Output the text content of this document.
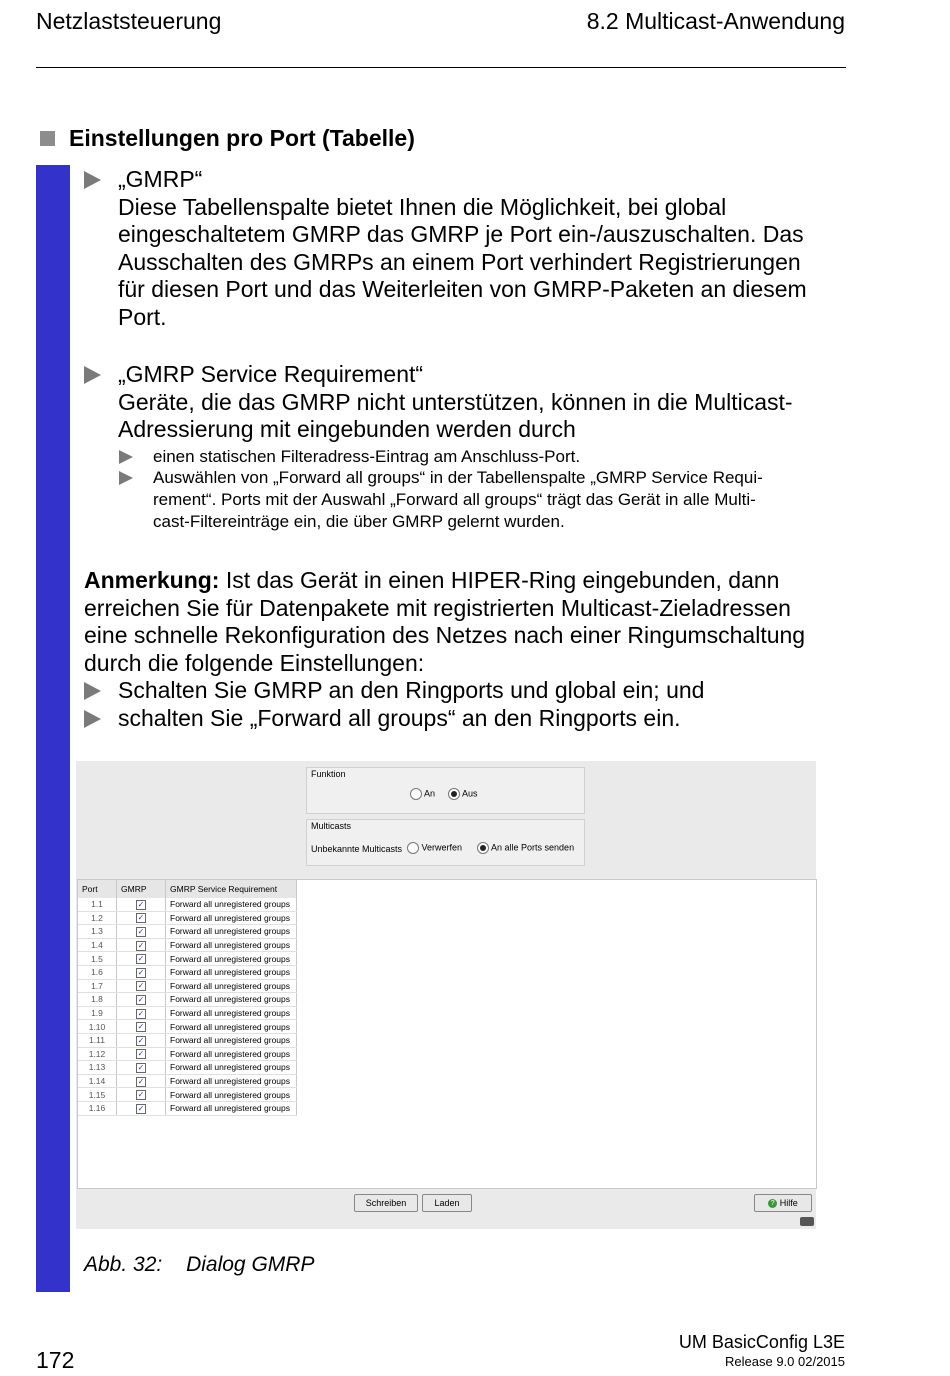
Netzlaststeuerung	8.2 Multicast-Anwendung
Einstellungen pro Port (Tabelle)
„GMRP“
Diese Tabellenspalte bietet Ihnen die Möglichkeit, bei global
eingeschaltetem GMRP das GMRP je Port ein-/auszuschalten. Das
Ausschalten des GMRPs an einem Port verhindert Registrierungen
für diesen Port und das Weiterleiten von GMRP-Paketen an diesem
Port.
„GMRP Service Requirement“
Geräte, die das GMRP nicht unterstützen, können in die Multicast-
Adressierung mit eingebunden werden durch
einen statischen Filteradress-Eintrag am Anschluss-Port.
Auswählen von „Forward all groups“ in der Tabellenspalte „GMRP Service Requi-
rement“. Ports mit der Auswahl „Forward all groups“ trägt das Gerät in alle Multi-
cast-Filtereinträge ein, die über GMRP gelernt wurden.
Anmerkung: Ist das Gerät in einen HIPER-Ring eingebunden, dann
erreichen Sie für Datenpakete mit registrierten Multicast-Zieladressen
eine schnelle Rekonfiguration des Netzes nach einer Ringumschaltung
durch die folgende Einstellungen:
Schalten Sie GMRP an den Ringports und global ein; und
schalten Sie „Forward all groups“ an den Ringports ein.
Funktion
An	Aus
Multicasts
Unbekannte Multicasts	Verwerfen	An alle Ports senden
Port	GMRP	GMRP Service Requirement
1.1	✓	Forward all unregistered groups
1.2	✓	Forward all unregistered groups
1.3	✓	Forward all unregistered groups
1.4	✓	Forward all unregistered groups
1.5	✓	Forward all unregistered groups
1.6	✓	Forward all unregistered groups
1.7	✓	Forward all unregistered groups
1.8	✓	Forward all unregistered groups
1.9	✓	Forward all unregistered groups
1.10	✓	Forward all unregistered groups
1.11	✓	Forward all unregistered groups
1.12	✓	Forward all unregistered groups
1.13	✓	Forward all unregistered groups
1.14	✓	Forward all unregistered groups
1.15	✓	Forward all unregistered groups
1.16	✓	Forward all unregistered groups
Schreiben	Laden	? Hilfe
Abb. 32: Dialog GMRP
172
UM BasicConfig L3E
Release 9.0 02/2015
